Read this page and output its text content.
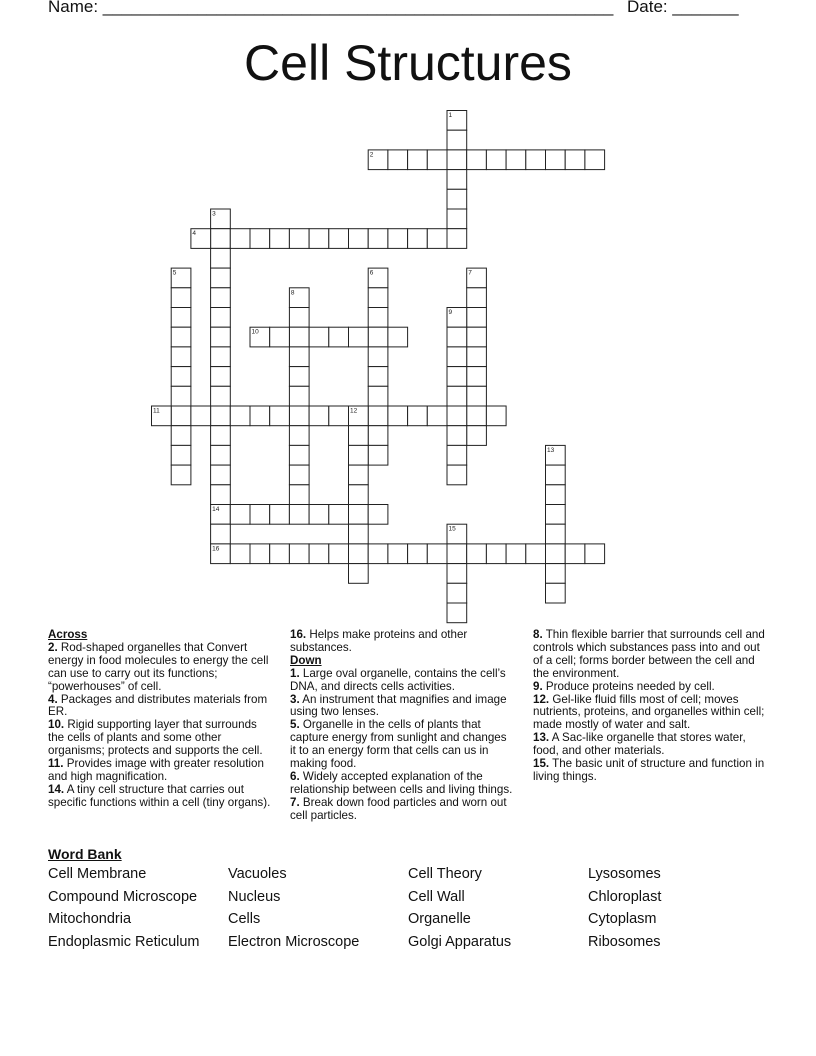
Name: ______________________________________________________ Date: _______
Cell Structures
1
2
3
4
5	6	7
8
9
10
11	12
13
14
15
16
Across
2. Rod-shaped organelles that Convert energy in food molecules to energy the cell can use to carry out its functions; “powerhouses” of cell.
4. Packages and distributes materials from ER.
10. Rigid supporting layer that surrounds the cells of plants and some other organisms; protects and supports the cell.
11. Provides image with greater resolution and high magnification.
14. A tiny cell structure that carries out specific functions within a cell (tiny organs).
16. Helps make proteins and other substances.
Down
1. Large oval organelle, contains the cell’s DNA, and directs cells activities.
3. An instrument that magnifies and image using two lenses.
5. Organelle in the cells of plants that capture energy from sunlight and changes it to an energy form that cells can us in making food.
6. Widely accepted explanation of the relationship between cells and living things.
7. Break down food particles and worn out cell particles.
8. Thin flexible barrier that surrounds cell and controls which substances pass into and out of a cell; forms border between the cell and the environment.
9. Produce proteins needed by cell.
12. Gel-like fluid fills most of cell; moves nutrients, proteins, and organelles within cell; made mostly of water and salt.
13. A Sac-like organelle that stores water, food, and other materials.
15. The basic unit of structure and function in living things.
Word Bank
Cell Membrane	Vacuoles	Cell Theory	Lysosomes
Compound Microscope Nucleus	Cell Wall	Chloroplast
Mitochondria	Cells	Organelle	Cytoplasm
Endoplasmic Reticulum Electron Microscope	Golgi Apparatus	Ribosomes
